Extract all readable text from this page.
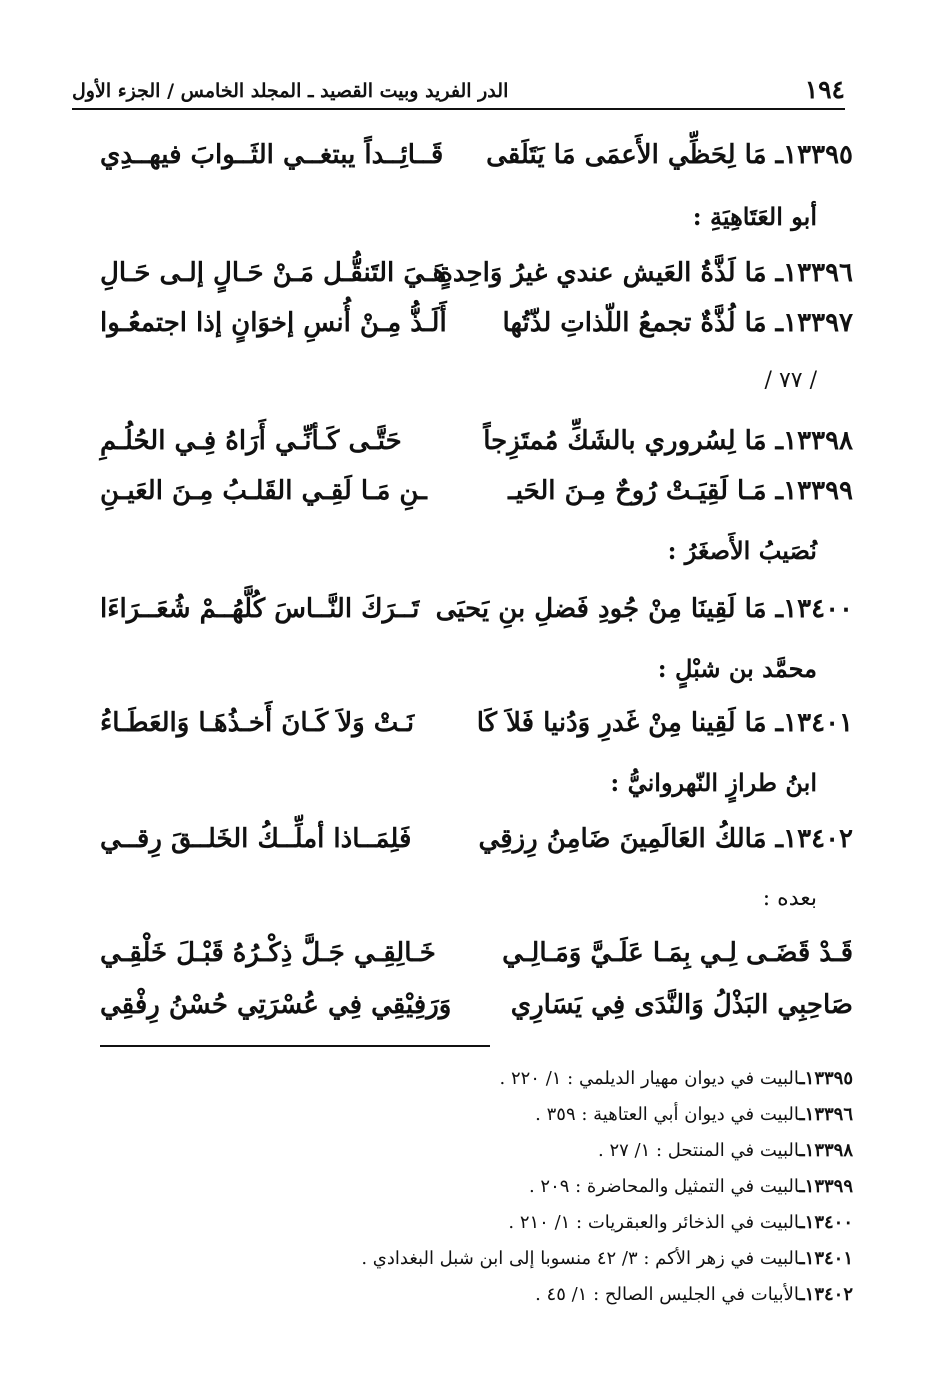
١٩٤
الدر الفريد وبيت القصيد ـ المجلد الخامس / الجزء الأول
١٣٣٩٥ـ مَا لِحَظِّي الأَعمَى مَا يَتَلَقى
قَــائِــداً يبتغــي الثَــوابَ فيهــدِي
أبو العَتَاهِيَةِ :
١٣٣٩٦ـ مَا لَذَّةُ العَيش عندي غيرُ وَاحِدةٍ
هَـيَ التَنقُّـل مَـنْ حَـالٍ إلـى حَـالِ
١٣٣٩٧ـ مَا لُذَّةٌ تجمعُ اللّذاتِ لذّتُها
أَلَـذُّ مِـنْ أُنسِ إخوَانٍ إذا اجتمعُـوا
/ ٧٧ /
١٣٣٩٨ـ مَا لِسُروري بالشَكِّ مُمتَزِجاً
حَتَّـى كَـأنِّـي أَرَاهُ فِـي الحُلُـمِ
١٣٣٩٩ـ مَـا لَقِيَـتْ رُوحٌ مِـنَ الحَيـ
ـنِ مَـا لَقِـي القَلـبُ مِـنَ العَيـنِ
نُصَيبُ الأَصغَرُ :
١٣٤٠٠ـ مَا لَقِينَا مِنْ جُودِ فَضلِ بنِ يَحيَى
تَــرَكَ النَّــاسَ كُلَّهُــمْ شُعَــرَاءَا
محمَّد بن شبْلٍ :
١٣٤٠١ـ مَا لَقِينا مِنْ غَدرِ وَدُنيا فَلاَ كَا
نَـتْ وَلاَ كَـانَ أَخـذُهَـا وَالعَطَـاءُ
ابنُ طرازٍ النّهروانيُّ :
١٣٤٠٢ـ مَالكُ العَالَمِينَ ضَامِنُ رِزقِي
فَلِمَــاذا أملِّــكُ الخَلــقَ رِقــي
بعده :
قَـدْ قَضَـى لِـي بِمَـا عَلَـيَّ وَمَـالِـي
خَـالِقِـي جَـلَّ ذِكْـرُهُ قَبْـلَ خَلْقِـي
صَاحِبِي البَذْلُ وَالنَّدَى فِي يَسَارِي
وَرَفِيْقِي فِي عُسْرَتِي حُسْنُ رِفْقِي
١٣٣٩٥ـالبيت في ديوان مهيار الديلمي : ١/ ٢٢٠ .
١٣٣٩٦ـالبيت في ديوان أبي العتاهية : ٣٥٩ .
١٣٣٩٨ـالبيت في المنتحل : ١/ ٢٧ .
١٣٣٩٩ـالبيت في التمثيل والمحاضرة : ٢٠٩ .
١٣٤٠٠ـالبيت في الذخائر والعبقريات : ١/ ٢١٠ .
١٣٤٠١ـالبيت في زهر الأكم : ٣/ ٤٢ منسوبا إلى ابن شبل البغدادي .
١٣٤٠٢ـالأبيات في الجليس الصالح : ١/ ٤٥ .
